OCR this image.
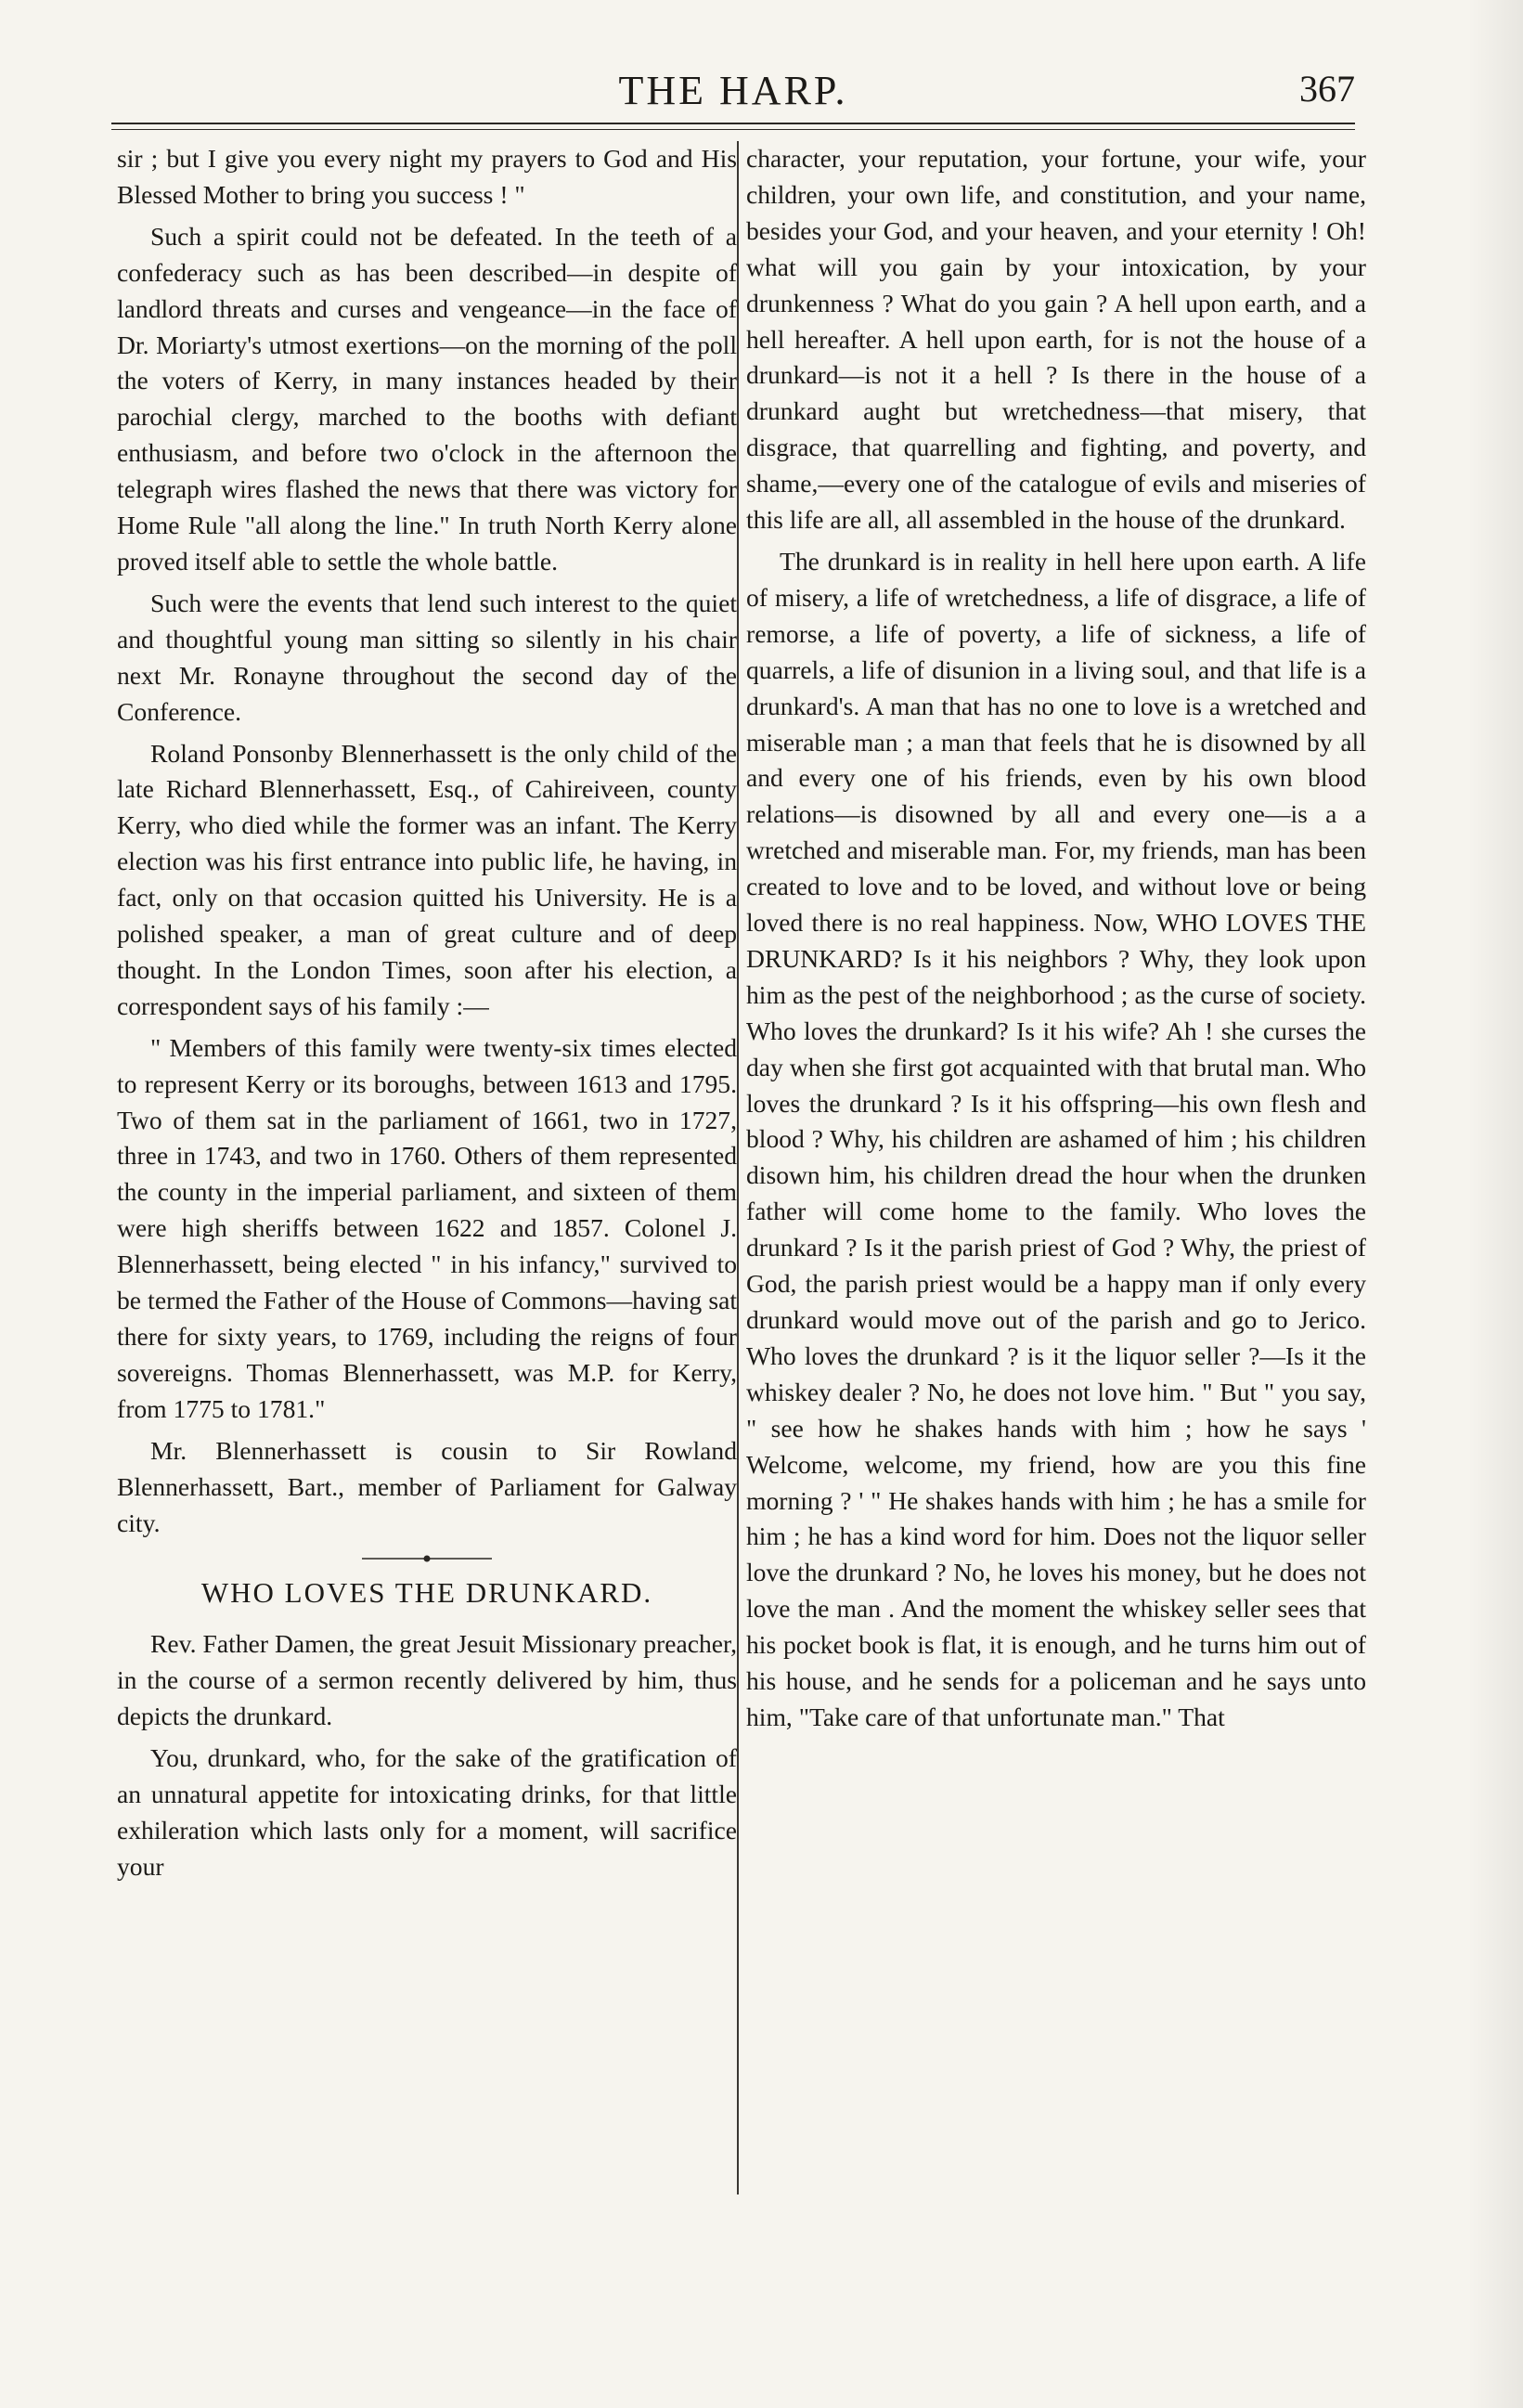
THE HARP.	367

sir ; but I give you every night my prayers to God and His Blessed Mother to bring you success ! "

Such a spirit could not be defeated. In the teeth of a confederacy such as has been described—in despite of landlord threats and curses and vengeance—in the face of Dr. Moriarty's utmost exertions—on the morning of the poll the voters of Kerry, in many instances headed by their parochial clergy, marched to the booths with defiant enthusiasm, and before two o'clock in the afternoon the telegraph wires flashed the news that there was victory for Home Rule "all along the line." In truth North Kerry alone proved itself able to settle the whole battle.

Such were the events that lend such interest to the quiet and thoughtful young man sitting so silently in his chair next Mr. Ronayne throughout the second day of the Conference.

Roland Ponsonby Blennerhassett is the only child of the late Richard Blennerhassett, Esq., of Cahireiveen, county Kerry, who died while the former was an infant. The Kerry election was his first entrance into public life, he having, in fact, only on that occasion quitted his University. He is a polished speaker, a man of great culture and of deep thought. In the London Times, soon after his election, a correspondent says of his family :—

" Members of this family were twenty-six times elected to represent Kerry or its boroughs, between 1613 and 1795. Two of them sat in the parliament of 1661, two in 1727, three in 1743, and two in 1760. Others of them represented the county in the imperial parliament, and sixteen of them were high sheriffs between 1622 and 1857. Colonel J. Blennerhassett, being elected " in his infancy," survived to be termed the Father of the House of Commons—having sat there for sixty years, to 1769, including the reigns of four sovereigns. Thomas Blennerhassett, was M.P. for Kerry, from 1775 to 1781."

Mr. Blennerhassett is cousin to Sir Rowland Blennerhassett, Bart., member of Parliament for Galway city.

WHO LOVES THE DRUNKARD.

Rev. Father Damen, the great Jesuit Missionary preacher, in the course of a sermon recently delivered by him, thus depicts the drunkard.

You, drunkard, who, for the sake of the gratification of an unnatural appetite for intoxicating drinks, for that little exhileration which lasts only for a moment, will sacrifice your

character, your reputation, your fortune, your wife, your children, your own life, and constitution, and your name, besides your God, and your heaven, and your eternity ! Oh! what will you gain by your intoxication, by your drunkenness ? What do you gain ? A hell upon earth, and a hell hereafter. A hell upon earth, for is not the house of a drunkard—is not it a hell ? Is there in the house of a drunkard aught but wretchedness—that misery, that disgrace, that quarrelling and fighting, and poverty, and shame,—every one of the catalogue of evils and miseries of this life are all, all assembled in the house of the drunkard.

The drunkard is in reality in hell here upon earth. A life of misery, a life of wretchedness, a life of disgrace, a life of remorse, a life of poverty, a life of sickness, a life of quarrels, a life of disunion in a living soul, and that life is a drunkard's. A man that has no one to love is a wretched and miserable man ; a man that feels that he is disowned by all and every one of his friends, even by his own blood relations—is disowned by all and every one—is a a wretched and miserable man. For, my friends, man has been created to love and to be loved, and without love or being loved there is no real happiness. Now, WHO LOVES THE DRUNKARD? Is it his neighbors ? Why, they look upon him as the pest of the neighborhood ; as the curse of society. Who loves the drunkard? Is it his wife? Ah ! she curses the day when she first got acquainted with that brutal man. Who loves the drunkard ? Is it his offspring—his own flesh and blood ? Why, his children are ashamed of him ; his children disown him, his children dread the hour when the drunken father will come home to the family. Who loves the drunkard ? Is it the parish priest of God ? Why, the priest of God, the parish priest would be a happy man if only every drunkard would move out of the parish and go to Jerico. Who loves the drunkard ? is it the liquor seller ?—Is it the whiskey dealer ? No, he does not love him. " But " you say, " see how he shakes hands with him ; how he says ' Welcome, welcome, my friend, how are you this fine morning ? ' " He shakes hands with him ; he has a smile for him ; he has a kind word for him. Does not the liquor seller love the drunkard ? No, he loves his money, but he does not love the man . And the moment the whiskey seller sees that his pocket book is flat, it is enough, and he turns him out of his house, and he sends for a policeman and he says unto him, "Take care of that unfortunate man." That
